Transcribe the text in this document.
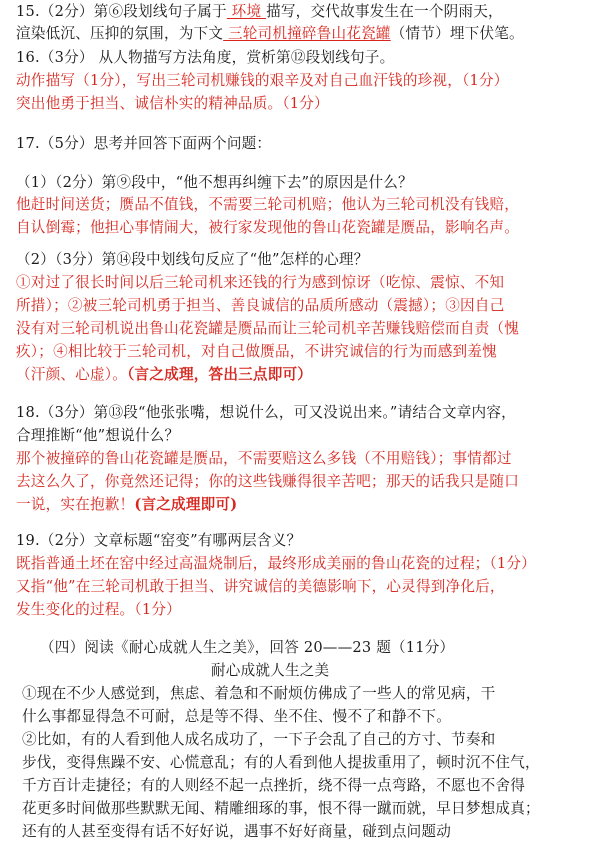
15.（2分）第⑥段划线句子属于 环境 描写，交代故事发生在一个阴雨天，
渲染低沉、压抑的氛围，为下文 三轮司机撞碎鲁山花瓷罐（情节）埋下伏笔。
16.（3分） 从人物描写方法角度，赏析第⑫段划线句子。
动作描写（1分），写出三轮司机赚钱的艰辛及对自己血汗钱的珍视，（1分）
突出他勇于担当、诚信朴实的精神品质。（1分）
17.（5分）思考并回答下面两个问题：
（1）（2分）第⑨段中，“他不想再纠缠下去”的原因是什么？
他赶时间送货；赝品不值钱，不需要三轮司机赔；他认为三轮司机没有钱赔，
自认倒霉；他担心事情闹大，被行家发现他的鲁山花瓷罐是赝品，影响名声。
（2）（3分）第⑭段中划线句反应了“他”怎样的心理？
①对过了很长时间以后三轮司机来还钱的行为感到惊讶（吃惊、震惊、不知
所措）；②被三轮司机勇于担当、善良诚信的品质所感动（震撼）；③因自己
没有对三轮司机说出鲁山花瓷罐是赝品而让三轮司机辛苦赚钱赔偿而自责（愧
疚）；④相比较于三轮司机，对自己做赝品，不讲究诚信的行为而感到羞愧
（汗颜、心虚）。（言之成理，答出三点即可）
18.（3分）第⑬段“他张张嘴，想说什么，可又没说出来。”请结合文章内容，
合理推断“他”想说什么？
那个被撞碎的鲁山花瓷罐是赝品，不需要赔这么多钱（不用赔钱）；事情都过
去这么久了，你竟然还记得；你的这些钱赚得很辛苦吧；那天的话我只是随口
一说，实在抱歉！(言之成理即可)
19.（2分）文章标题“窑变”有哪两层含义？
既指普通土坯在窑中经过高温烧制后，最终形成美丽的鲁山花瓷的过程；（1分）
又指“他”在三轮司机敢于担当、讲究诚信的美德影响下，心灵得到净化后，
发生变化的过程。（1分）
（四）阅读《耐心成就人生之美》，回答 20——23 题（11分）
耐心成就人生之美
①现在不少人感觉到，焦虑、着急和不耐烦仿佛成了一些人的常见病，干
什么事都显得急不可耐，总是等不得、坐不住、慢不了和静不下。
②比如，有的人看到他人成名成功了，一下子会乱了自己的方寸、节奏和
步伐，变得焦躁不安、心慌意乱；有的人看到他人提拔重用了，顿时沉不住气，
千方百计走捷径；有的人则经不起一点挫折，绕不得一点弯路，不愿也不舍得
花更多时间做那些默默无闻、精雕细琢的事，恨不得一蹴而就，早日梦想成真；
还有的人甚至变得有话不好好说，遇事不好好商量，碰到点问题动
